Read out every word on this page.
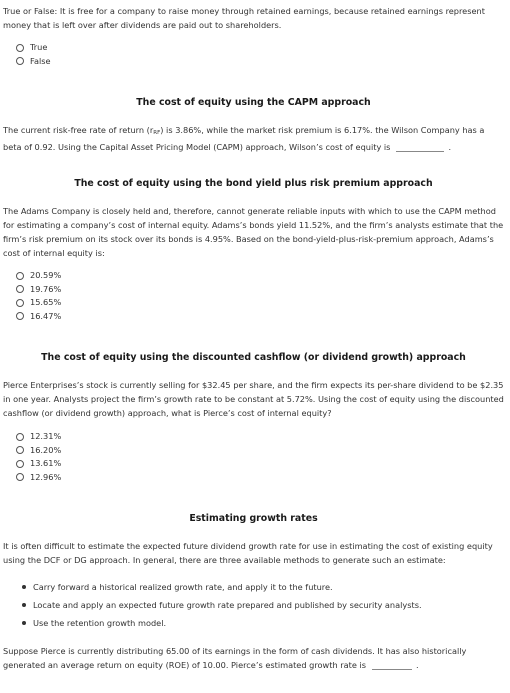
True or False: It is free for a company to raise money through retained earnings, because retained earnings represent money that is left over after dividends are paid out to shareholders.

True
False
The cost of equity using the CAPM approach

The current risk-free rate of return $(r_{RF})$ is 3.86%, while the market risk premium is 6.17%. the Wilson Company has a beta of 0.92. Using the Capital Asset Pricing Model (CAPM) approach, Wilson’s cost of equity is	.

The cost of equity using the bond yield plus risk premium approach

The Adams Company is closely held and, therefore, cannot generate reliable inputs with which to use the CAPM method for estimating a company’s cost of internal equity. Adams’s bonds yield 11.52%, and the firm’s analysts estimate that the firm’s risk premium on its stock over its bonds is 4.95%. Based on the bond-yield-plus-risk-premium approach, Adams’s cost of internal equity is:

20.59%
19.76%
15.65%
16.47%
The cost of equity using the discounted cashflow (or dividend growth) approach

Pierce Enterprises’s stock is currently selling for $32.45 per share, and the firm expects its per-share dividend to be $2.35 in one year. Analysts project the firm’s growth rate to be constant at 5.72%. Using the cost of equity using the discounted cashflow (or dividend growth) approach, what is Pierce’s cost of internal equity?

12.31%
16.20%
13.61%
12.96%
Estimating growth rates

It is often difficult to estimate the expected future dividend growth rate for use in estimating the cost of existing equity using the DCF or DG approach. In general, there are three available methods to generate such an estimate:

Carry forward a historical realized growth rate, and apply it to the future.
Locate and apply an expected future growth rate prepared and published by security analysts.
Use the retention growth model.

Suppose Pierce is currently distributing 65.00 of its earnings in the form of cash dividends. It has also historically generated an average return on equity (ROE) of 10.00. Pierce’s estimated growth rate is	.
